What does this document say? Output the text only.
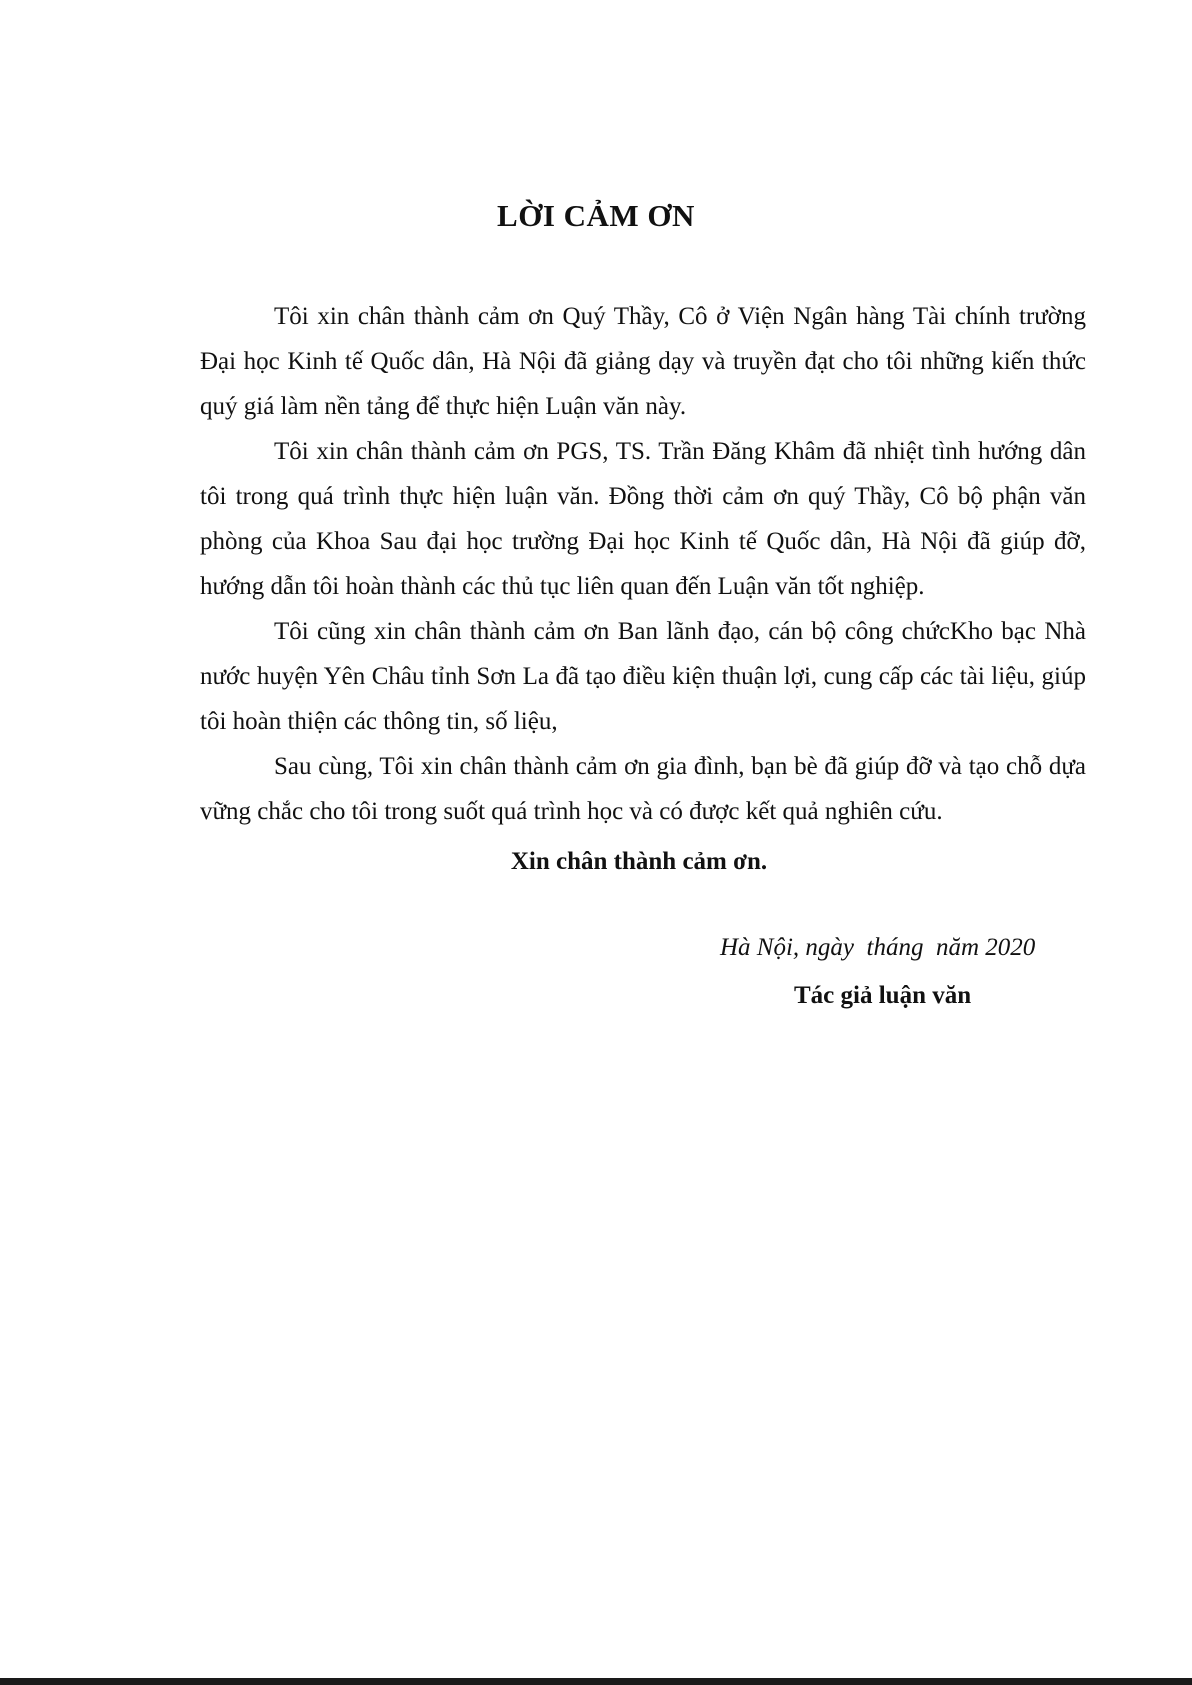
LỜI CẢM ƠN

Tôi xin chân thành cảm ơn Quý Thầy, Cô ở Viện Ngân hàng Tài chính trường Đại học Kinh tế Quốc dân, Hà Nội đã giảng dạy và truyền đạt cho tôi những kiến thức quý giá làm nền tảng để thực hiện Luận văn này.

Tôi xin chân thành cảm ơn PGS, TS. Trần Đăng Khâm đã nhiệt tình hướng dân tôi trong quá trình thực hiện luận văn. Đồng thời cảm ơn quý Thầy, Cô bộ phận văn phòng của Khoa Sau đại học trường Đại học Kinh tế Quốc dân, Hà Nội đã giúp đỡ, hướng dẫn tôi hoàn thành các thủ tục liên quan đến Luận văn tốt nghiệp.

Tôi cũng xin chân thành cảm ơn Ban lãnh đạo, cán bộ công chứcKho bạc Nhà nước huyện Yên Châu tỉnh Sơn La đã tạo điều kiện thuận lợi, cung cấp các tài liệu, giúp tôi hoàn thiện các thông tin, số liệu,

Sau cùng, Tôi xin chân thành cảm ơn gia đình, bạn bè đã giúp đỡ và tạo chỗ dựa vững chắc cho tôi trong suốt quá trình học và có được kết quả nghiên cứu.

Xin chân thành cảm ơn.

Hà Nội, ngày  tháng  năm 2020

Tác giả luận văn
